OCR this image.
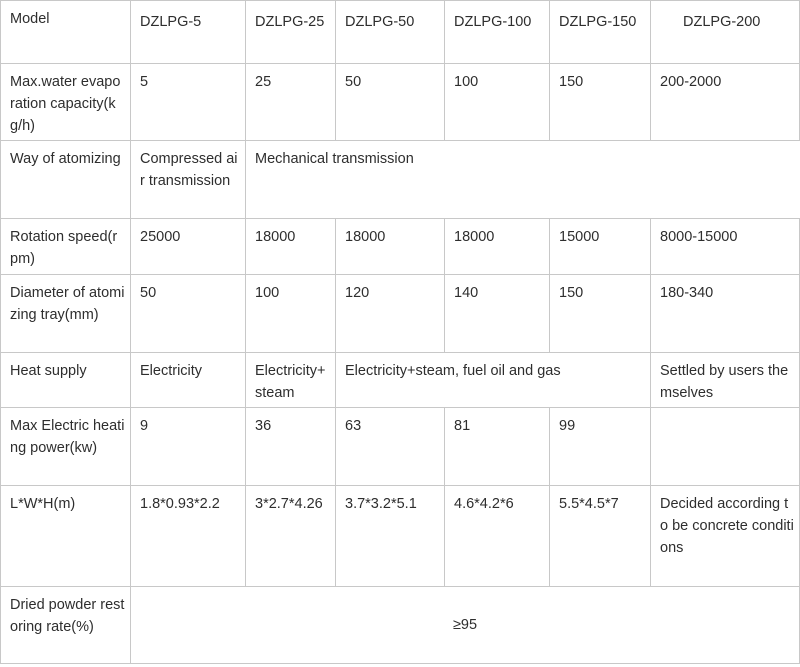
Model	DZLPG-5	DZLPG-25	DZLPG-50	DZLPG-100	DZLPG-150	DZLPG-200
Max.water evaporation capacity(kg/h)	5	25	50	100	150	200-2000
Way of atomizing	Compressed air transmission	Mechanical transmission				
Rotation speed(rpm)	25000	18000	18000	18000	15000	8000-15000
Diameter of atomizing tray(mm)	50	100	120	140	150	180-340
Heat supply	Electricity	Electricity+steam	Electricity+steam, fuel oil and gas			Settled by users themselves
Max Electric heating power(kw)	9	36	63	81	99	
L*W*H(m)	1.8*0.93*2.2	3*2.7*4.26	3.7*3.2*5.1	4.6*4.2*6	5.5*4.5*7	Decided according to be concrete conditions
Dried powder restoring rate(%)	≥95					
